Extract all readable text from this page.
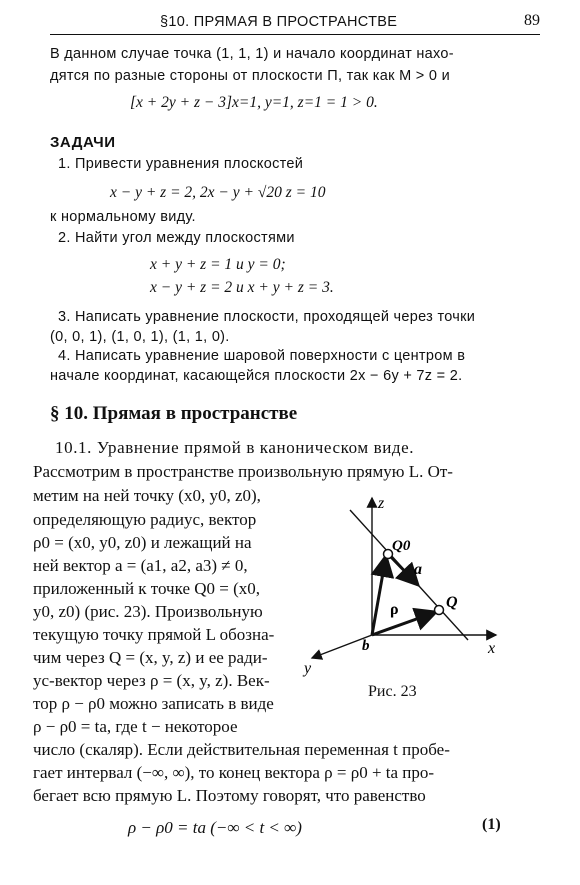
§10. ПРЯМАЯ В ПРОСТРАНСТВЕ	89
В данном случае точка (1, 1, 1) и начало координат нахо-
дятся по разные стороны от плоскости П, так как M > 0 и
[x + 2y + z − 3]x=1, y=1, z=1 = 1 > 0.
ЗАДАЧИ
1. Привести уравнения плоскостей
x − y + z = 2, 2x − y + √20 z = 10
к нормальному виду.
2. Найти угол между плоскостями
x + y + z = 1 и y = 0;
x − y + z = 2 и x + y + z = 3.
3. Написать уравнение плоскости, проходящей через точки
(0, 0, 1), (1, 0, 1), (1, 1, 0).
4. Написать уравнение шаровой поверхности с центром в
начале координат, касающейся плоскости 2x − 6y + 7z = 2.
§ 10. Прямая в пространстве
10.1. Уравнение прямой в каноническом виде.
Рассмотрим в пространстве произвольную прямую L. От-
метим на ней точку (x0, y0, z0),
определяющую радиус, вектор
ρ0 = (x0, y0, z0) и лежащий на
ней вектор a = (a1, a2, a3) ≠ 0,
приложенный к точке Q0 = (x0,
y0, z0) (рис. 23). Произвольную
текущую точку прямой L обозна-
чим через Q = (x, y, z) и ее ради-
ус-вектор через ρ = (x, y, z). Век-
тор ρ − ρ0 можно записать в виде
ρ − ρ0 = ta, где t − некоторое
число (скаляр). Если действительная переменная t пробе-
гает интервал (−∞, ∞), то конец вектора ρ = ρ0 + ta про-
бегает всю прямую L. Поэтому говорят, что равенство
ρ − ρ0 = ta (−∞ < t < ∞)	(1)
z
x
y
b
Q0
Q
a
ρ
Рис. 23
